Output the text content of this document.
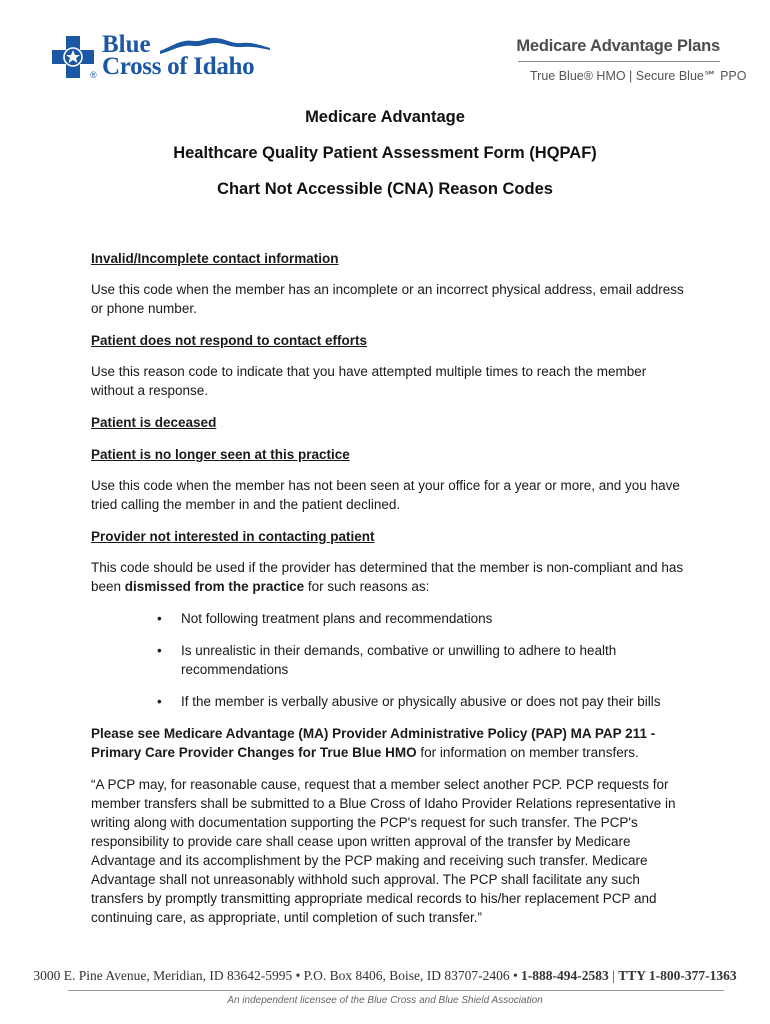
®
Blue
Cross of Idaho
Medicare Advantage Plans
True Blue® HMO | Secure Blue℠ PPO
Medicare Advantage
Healthcare Quality Patient Assessment Form (HQPAF)
Chart Not Accessible (CNA) Reason Codes

Invalid/Incomplete contact information

Use this code when the member has an incomplete or an incorrect physical address, email address or phone number.

Patient does not respond to contact efforts

Use this reason code to indicate that you have attempted multiple times to reach the member without a response.

Patient is deceased

Patient is no longer seen at this practice

Use this code when the member has not been seen at your office for a year or more, and you have tried calling the member in and the patient declined.

Provider not interested in contacting patient

This code should be used if the provider has determined that the member is non-compliant and has been dismissed from the practice for such reasons as:

• Not following treatment plans and recommendations
• Is unrealistic in their demands, combative or unwilling to adhere to health recommendations
• If the member is verbally abusive or physically abusive or does not pay their bills

Please see Medicare Advantage (MA) Provider Administrative Policy (PAP) MA PAP 211 - Primary Care Provider Changes for True Blue HMO for information on member transfers.

“A PCP may, for reasonable cause, request that a member select another PCP. PCP requests for member transfers shall be submitted to a Blue Cross of Idaho Provider Relations representative in writing along with documentation supporting the PCP's request for such transfer. The PCP's responsibility to provide care shall cease upon written approval of the transfer by Medicare Advantage and its accomplishment by the PCP making and receiving such transfer. Medicare Advantage shall not unreasonably withhold such approval. The PCP shall facilitate any such transfers by promptly transmitting appropriate medical records to his/her replacement PCP and continuing care, as appropriate, until completion of such transfer.”

3000 E. Pine Avenue, Meridian, ID 83642-5995 • P.O. Box 8406, Boise, ID 83707-2406 • 1-888-494-2583 | TTY 1-800-377-1363
An independent licensee of the Blue Cross and Blue Shield Association
